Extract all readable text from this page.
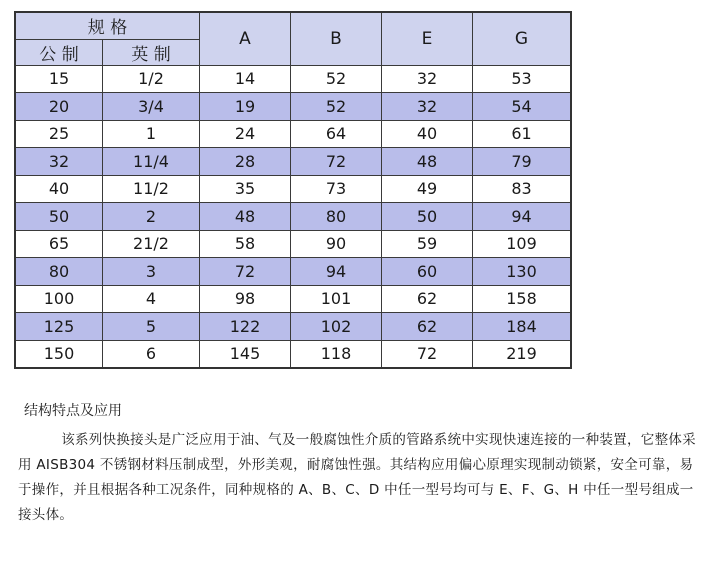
规 格		A	B	E	G
公 制	英 制				
15	1/2	14	52	32	53
20	3/4	19	52	32	54
25	1	24	64	40	61
32	11/4	28	72	48	79
40	11/2	35	73	49	83
50	2	48	80	50	94
65	21/2	58	90	59	109
80	3	72	94	60	130
100	4	98	101	62	158
125	5	122	102	62	184
150	6	145	118	72	219
结构特点及应用

该系列快换接头是广泛应用于油、气及一般腐蚀性介质的管路系统中实现快速连接的一种装置，它整体采用 AISB304 不锈钢材料压制成型，外形美观，耐腐蚀性强。其结构应用偏心原理实现制动锁紧，安全可靠，易于操作，并且根据各种工况条件，同种规格的 A、B、C、D 中任一型号均可与 E、F、G、H 中任一型号组成一接头体。
